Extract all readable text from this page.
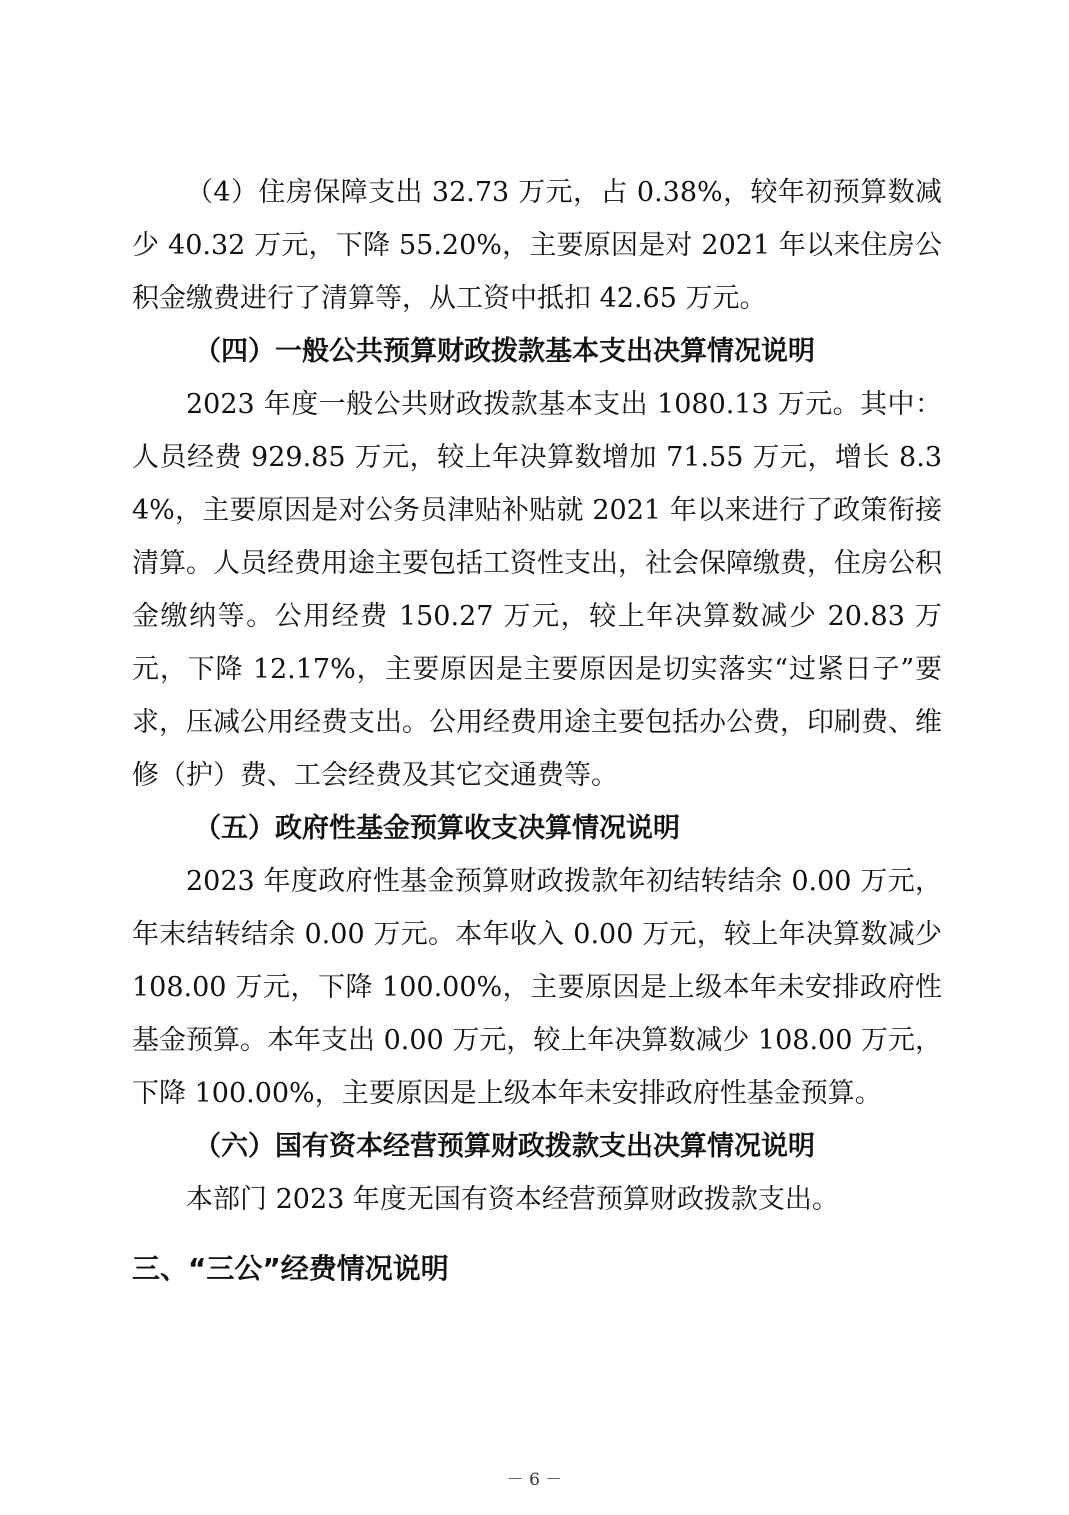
（4）住房保障支出 32.73 万元，占 0.38%，较年初预算数减少 40.32 万元，下降 55.20%，主要原因是对 2021 年以来住房公积金缴费进行了清算等，从工资中抵扣 42.65 万元。

（四）一般公共预算财政拨款基本支出决算情况说明

2023 年度一般公共财政拨款基本支出 1080.13 万元。其中：人员经费 929.85 万元，较上年决算数增加 71.55 万元，增长 8.34%，主要原因是对公务员津贴补贴就 2021 年以来进行了政策衔接清算。人员经费用途主要包括工资性支出，社会保障缴费，住房公积金缴纳等。公用经费 150.27 万元，较上年决算数减少 20.83 万元，下降 12.17%，主要原因是主要原因是切实落实“过紧日子”要求，压减公用经费支出。公用经费用途主要包括办公费，印刷费、维修（护）费、工会经费及其它交通费等。

（五）政府性基金预算收支决算情况说明

2023 年度政府性基金预算财政拨款年初结转结余 0.00 万元，年末结转结余 0.00 万元。本年收入 0.00 万元，较上年决算数减少 108.00 万元，下降 100.00%，主要原因是上级本年未安排政府性基金预算。本年支出 0.00 万元，较上年决算数减少 108.00 万元，下降 100.00%，主要原因是上级本年未安排政府性基金预算。

（六）国有资本经营预算财政拨款支出决算情况说明

本部门 2023 年度无国有资本经营预算财政拨款支出。

三、“三公”经费情况说明

－ 6 －
